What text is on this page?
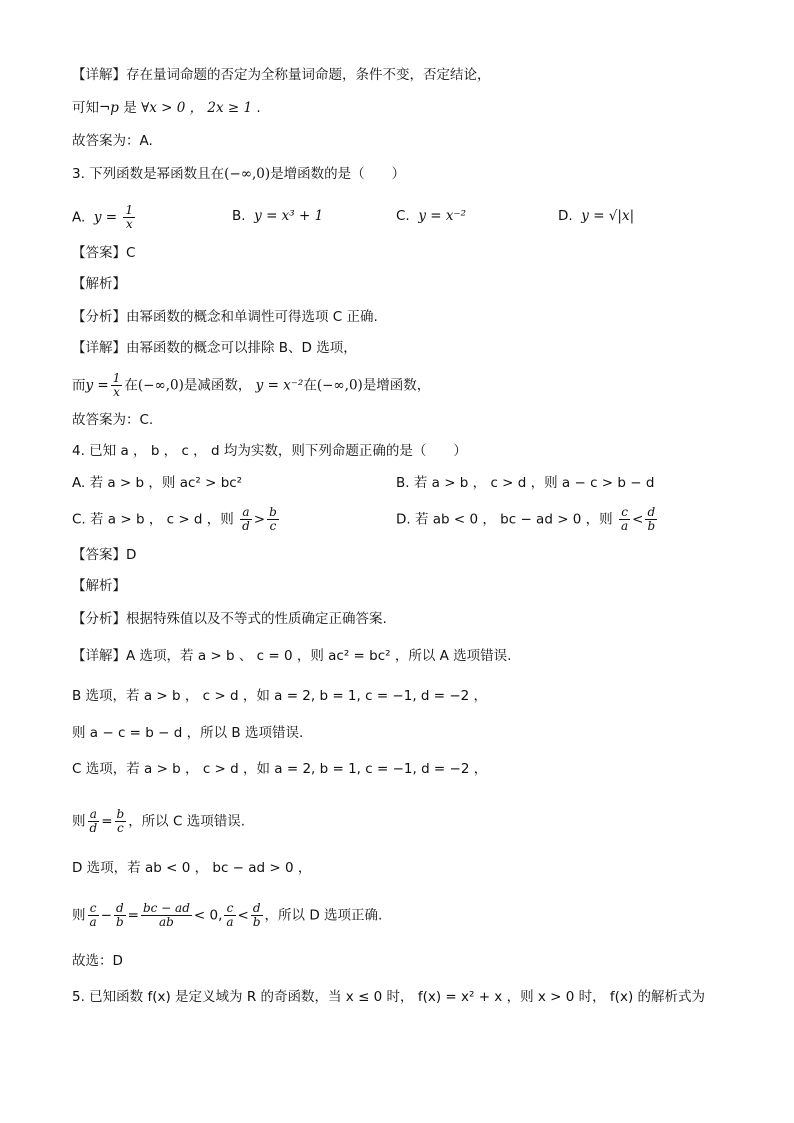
【详解】存在量词命题的否定为全称量词命题，条件不变，否定结论，
可知¬p 是 ∀x > 0 ， 2x ≥ 1 .
故答案为：A.
3. 下列函数是幂函数且在(−∞,0)是增函数的是（　　）
A. $y = \frac{1}{x}$	B. y = x³ + 1	C. y = x⁻²	D. y = √|x|
【答案】C
【解析】
【分析】由幂函数的概念和单调性可得选项 C 正确.
【详解】由幂函数的概念可以排除 B、D 选项，
而$y = \frac{1}{x}$ 在(−∞,0)是减函数， y = x⁻²在(−∞,0)是增函数，
故答案为：C.
4. 已知 a ， b ， c ， d 均为实数，则下列命题正确的是（　　）
A. 若 a > b ，则 ac² > bc²	B. 若 a > b ， c > d ，则 a − c > b − d
C. 若 a > b ， c > d ，则 $\frac{a}{d} > \frac{b}{c}$	D. 若 ab < 0 ， bc − ad > 0 ，则 $\frac{c}{a} < \frac{d}{b}$
【答案】D
【解析】
【分析】根据特殊值以及不等式的性质确定正确答案.
【详解】A 选项，若 a > b 、 c = 0 ，则 ac² = bc² ，所以 A 选项错误.
B 选项，若 a > b ， c > d ，如 a = 2, b = 1, c = −1, d = −2 ，
则 a − c = b − d ，所以 B 选项错误.
C 选项，若 a > b ， c > d ，如 a = 2, b = 1, c = −1, d = −2 ，
则 $\frac{a}{d} = \frac{b}{c}$ ，所以 C 选项错误.
D 选项，若 ab < 0 ， bc − ad > 0 ，
则 $\frac{c}{a} - \frac{d}{b} = \frac{bc - ad}{ab} < 0$, $\frac{c}{a} < \frac{d}{b}$ ，所以 D 选项正确.
故选：D
5. 已知函数 f(x) 是定义域为 R 的奇函数，当 x ≤ 0 时， f(x) = x² + x ，则 x > 0 时， f(x) 的解析式为
